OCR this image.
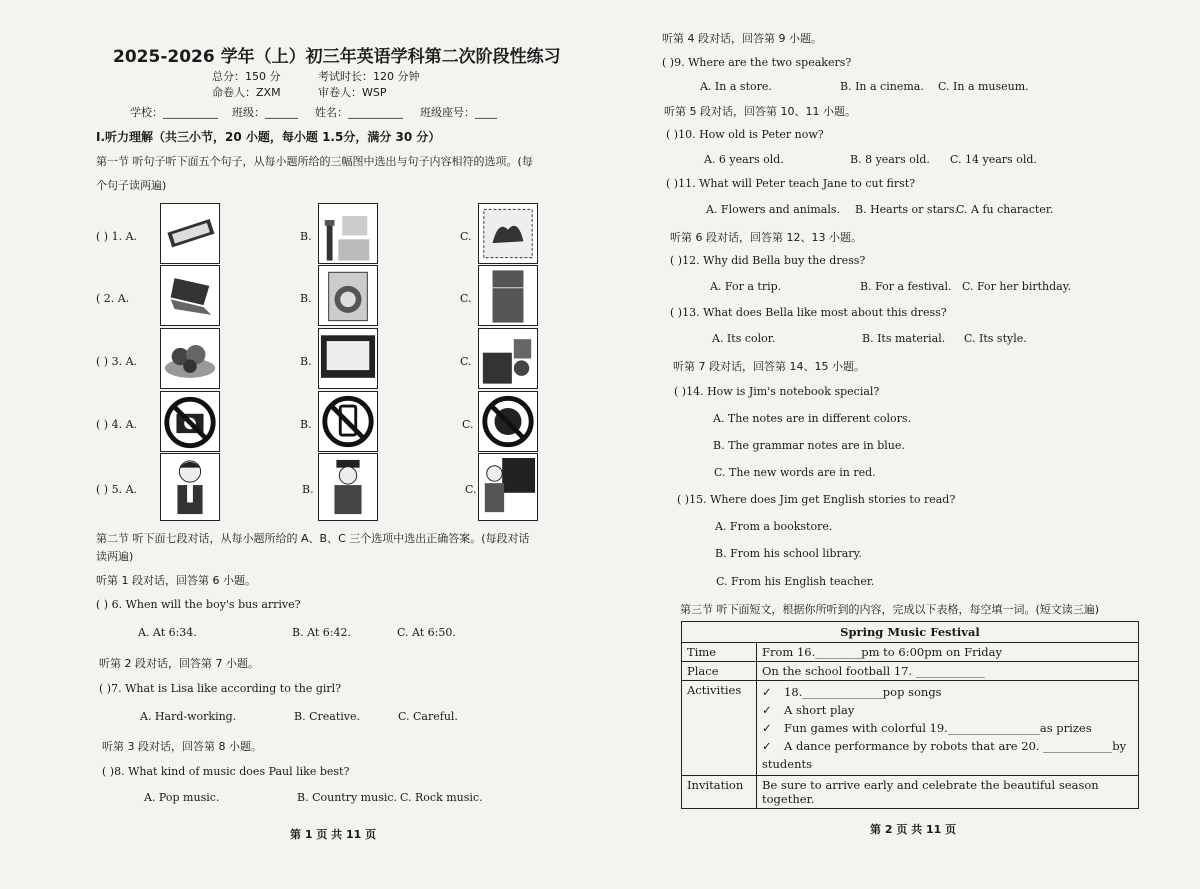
2025-2026 学年（上）初三年英语学科第二次阶段性练习
总分：150 分	考试时长：120 分钟
命卷人：ZXM	审卷人：WSP
学校：__________ 班级：______ 姓名：__________ 班级座号：____
I.听力理解（共三小节，20 小题，每小题 1.5分，满分 30 分）
第一节 听句子听下面五个句子，从每小题所给的三幅图中选出与句子内容相符的选项。(每
个句子读两遍)
( ) 1. A.	B.	C.
( 2. A.	B.	C.
( ) 3. A.	B.	C.
( ) 4. A.	B.	C.
( ) 5. A.	B.	C.
第二节 听下面七段对话，从每小题所给的 A、B、C 三个选项中选出正确答案。(每段对话
读两遍)
听第 1 段对话，回答第 6 小题。
( ) 6. When will the boy's bus arrive?
A. At 6:34.	B. At 6:42.	C. At 6:50.
听第 2 段对话，回答第 7 小题。
( )7. What is Lisa like according to the girl?
A. Hard-working.	B. Creative.	C. Careful.
听第 3 段对话，回答第 8 小题。
( )8. What kind of music does Paul like best?
A. Pop music.	B. Country music. C. Rock music.
第 1 页 共 11 页
听第 4 段对话，回答第 9 小题。
( )9. Where are the two speakers?
A. In a store.	B. In a cinema. C. In a museum.
听第 5 段对话，回答第 10、11 小题。
( )10. How old is Peter now?
A. 6 years old.	B. 8 years old. C. 14 years old.
( )11. What will Peter teach Jane to cut first?
A. Flowers and animals. B. Hearts or stars.
C. A fu character.
听第 6 段对话，回答第 12、13 小题。
( )12. Why did Bella buy the dress?
A. For a trip.	B. For a festival. C. For her birthday.
( )13. What does Bella like most about this dress?
A. Its color.	B. Its material. C. Its style.
听第 7 段对话，回答第 14、15 小题。
( )14. How is Jim's notebook special?
A. The notes are in different colors.
B. The grammar notes are in blue.
C. The new words are in red.
( )15. Where does Jim get English stories to read?
A. From a bookstore.
B. From his school library.
C. From his English teacher.
第三节 听下面短文，根据你所听到的内容，完成以下表格，每空填一词。(短文读三遍)
Spring Music Festival	
Time	From 16.________pm to 6:00pm on Friday
Place	On the school football 17. ____________
Activities	✓ 18.______________pop songs
✓ A short play
✓ Fun games with colorful 19.________________as prizes
✓ A dance performance by robots that are 20. ____________by students

Invitation	Be sure to arrive early and celebrate the beautiful season together.
第 2 页 共 11 页
